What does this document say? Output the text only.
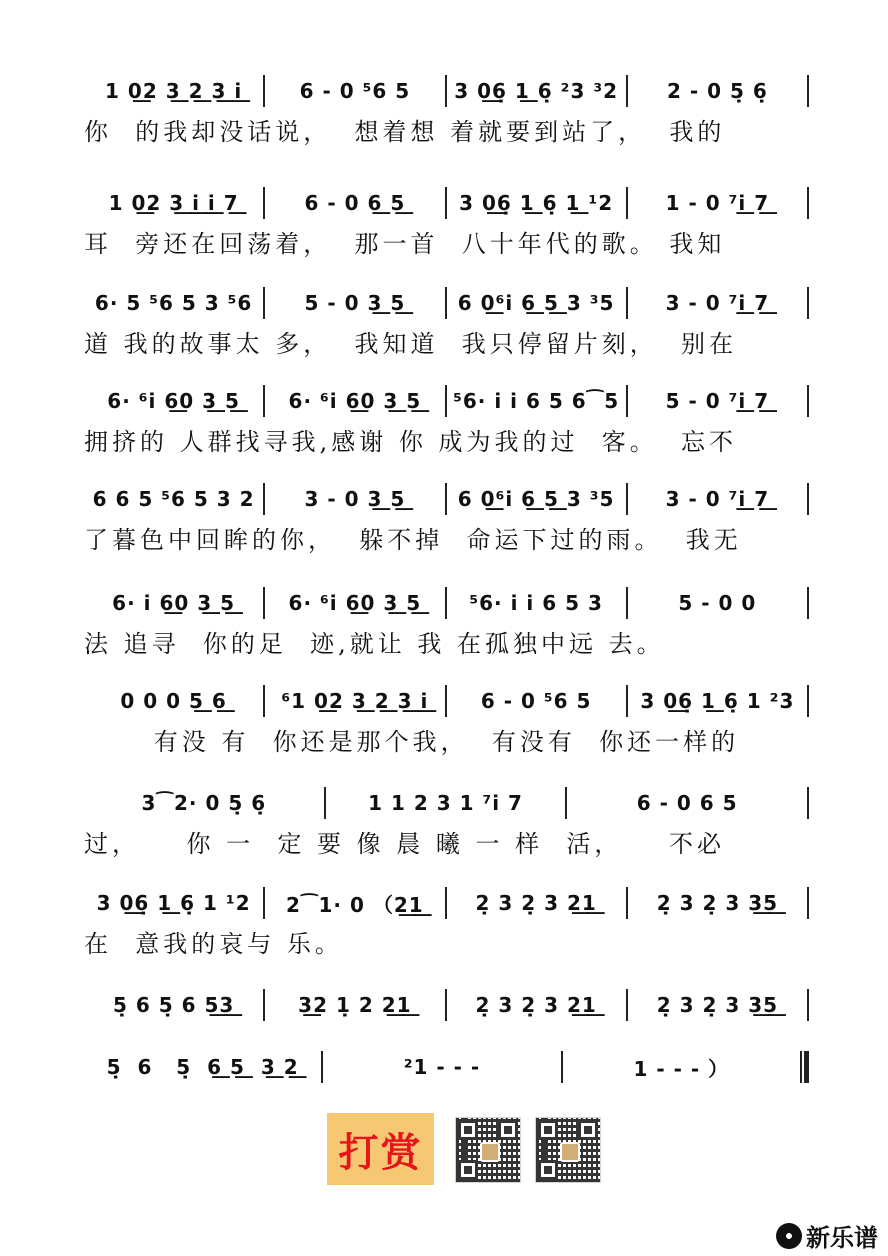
1 0͟2 3͟ 2͟ 3͟ i͟	6 - 0 ⁵6 5	3 0͟6̣ 1͟ 6̣ ²3 ³2	2 - 0 5̣ 6̣
你  的我却没话说，  想着想 着就要到站了，  我的
1 0͟2 3͟ i͟ i͟ 7͟	6 - 0 6͟ 5͟	3 0͟6̣ 1͟ 6̣ 1͟ ¹2	1 - 0 ⁷i͟ 7͟
耳  旁还在回荡着，  那一首  八十年代的歌。 我知
6· 5 ⁵6 5 3 ⁵6	5 - 0 3͟ 5͟	6 0͟⁶i 6͟ 5͟ 3 ³5	3 - 0 ⁷i͟ 7͟
道 我的故事太 多，  我知道  我只停留片刻，  别在
6· ⁶i 6͟0 3͟ 5͟	6· ⁶i 6͟0 3͟ 5͟	⁵6· i i 6 5 6⁀5	5 - 0 ⁷i͟ 7͟
拥挤的 人群找寻我,感谢 你 成为我的过  客。  忘不
6 6 5 ⁵6 5 3 2	3 - 0 3͟ 5͟	6 0͟⁶i 6͟ 5͟ 3 ³5	3 - 0 ⁷i͟ 7͟
了暮色中回眸的你，  躲不掉  命运下过的雨。  我无
6· i 6͟0 3͟ 5͟	6· ⁶i 6͟0 3͟ 5͟	⁵6· i i 6 5 3	5 - 0 0
法 追寻  你的足  迹,就让 我 在孤独中远 去。
0 0 0 5͟ 6͟	⁶1 0͟2 3͟ 2͟ 3͟ i͟	6 - 0 ⁵6 5	3 0͟6̣ 1͟ 6̣ 1 ²3
有没 有  你还是那个我，  有没有  你还一样的
3⁀2· 0 5̣ 6̣	1 1 2 3 1 ⁷i 7	6 - 0 6 5
过，    你 一  定 要 像 晨 曦 一 样  活，    不必
3 0͟6̣ 1͟ 6̣ 1 ¹2	2⁀1· 0 （2͟1͟	2̣ 3 2̣ 3 2͟1͟	2̣ 3 2̣ 3 3͟5͟
在  意我的哀与 乐。
5̣ 6 5̣ 6 5͟3͟	3͟2 1̣ 2 2͟1͟	2̣ 3 2̣ 3 2͟1͟	2̣ 3 2̣ 3 3͟5͟
5̣  6   5̣  6͟ 5͟  3͟ 2͟	²1 - - -	1 - - - ）
打赏
新乐谱
